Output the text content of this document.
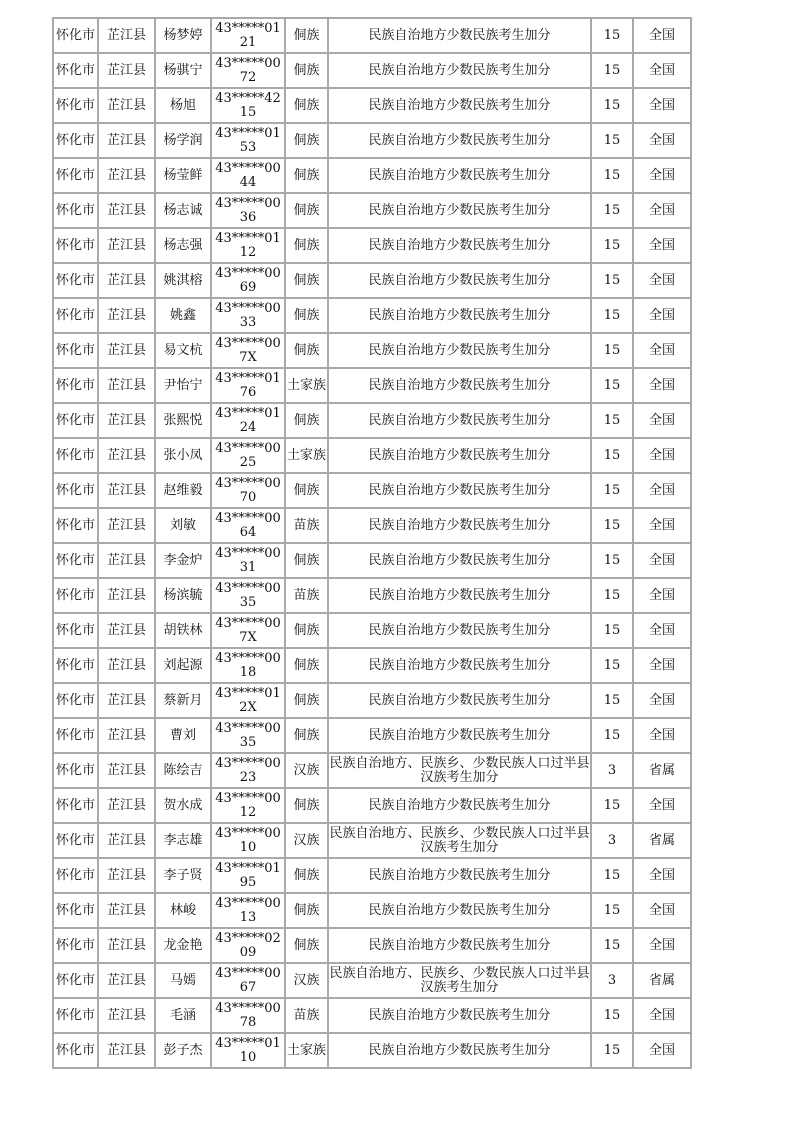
怀化市	芷江县	杨梦婷	43*****0121	侗族	民族自治地方少数民族考生加分	15	全国
怀化市	芷江县	杨骐宁	43*****0072	侗族	民族自治地方少数民族考生加分	15	全国
怀化市	芷江县	杨旭	43*****4215	侗族	民族自治地方少数民族考生加分	15	全国
怀化市	芷江县	杨学润	43*****0153	侗族	民族自治地方少数民族考生加分	15	全国
怀化市	芷江县	杨莹鲜	43*****0044	侗族	民族自治地方少数民族考生加分	15	全国
怀化市	芷江县	杨志诚	43*****0036	侗族	民族自治地方少数民族考生加分	15	全国
怀化市	芷江县	杨志强	43*****0112	侗族	民族自治地方少数民族考生加分	15	全国
怀化市	芷江县	姚淇榕	43*****0069	侗族	民族自治地方少数民族考生加分	15	全国
怀化市	芷江县	姚鑫	43*****0033	侗族	民族自治地方少数民族考生加分	15	全国
怀化市	芷江县	易文杭	43*****007X	侗族	民族自治地方少数民族考生加分	15	全国
怀化市	芷江县	尹怡宁	43*****0176	土家族	民族自治地方少数民族考生加分	15	全国
怀化市	芷江县	张熙悦	43*****0124	侗族	民族自治地方少数民族考生加分	15	全国
怀化市	芷江县	张小凤	43*****0025	土家族	民族自治地方少数民族考生加分	15	全国
怀化市	芷江县	赵维毅	43*****0070	侗族	民族自治地方少数民族考生加分	15	全国
怀化市	芷江县	刘敏	43*****0064	苗族	民族自治地方少数民族考生加分	15	全国
怀化市	芷江县	李金炉	43*****0031	侗族	民族自治地方少数民族考生加分	15	全国
怀化市	芷江县	杨滨毓	43*****0035	苗族	民族自治地方少数民族考生加分	15	全国
怀化市	芷江县	胡铁林	43*****007X	侗族	民族自治地方少数民族考生加分	15	全国
怀化市	芷江县	刘起源	43*****0018	侗族	民族自治地方少数民族考生加分	15	全国
怀化市	芷江县	蔡新月	43*****012X	侗族	民族自治地方少数民族考生加分	15	全国
怀化市	芷江县	曹刘	43*****0035	侗族	民族自治地方少数民族考生加分	15	全国
怀化市	芷江县	陈绘吉	43*****0023	汉族	民族自治地方、民族乡、少数民族人口过半县汉族考生加分	3	省属
怀化市	芷江县	贺水成	43*****0012	侗族	民族自治地方少数民族考生加分	15	全国
怀化市	芷江县	李志雄	43*****0010	汉族	民族自治地方、民族乡、少数民族人口过半县汉族考生加分	3	省属
怀化市	芷江县	李子贤	43*****0195	侗族	民族自治地方少数民族考生加分	15	全国
怀化市	芷江县	林峻	43*****0013	侗族	民族自治地方少数民族考生加分	15	全国
怀化市	芷江县	龙金艳	43*****0209	侗族	民族自治地方少数民族考生加分	15	全国
怀化市	芷江县	马嫣	43*****0067	汉族	民族自治地方、民族乡、少数民族人口过半县汉族考生加分	3	省属
怀化市	芷江县	毛涵	43*****0078	苗族	民族自治地方少数民族考生加分	15	全国
怀化市	芷江县	彭子杰	43*****0110	土家族	民族自治地方少数民族考生加分	15	全国
